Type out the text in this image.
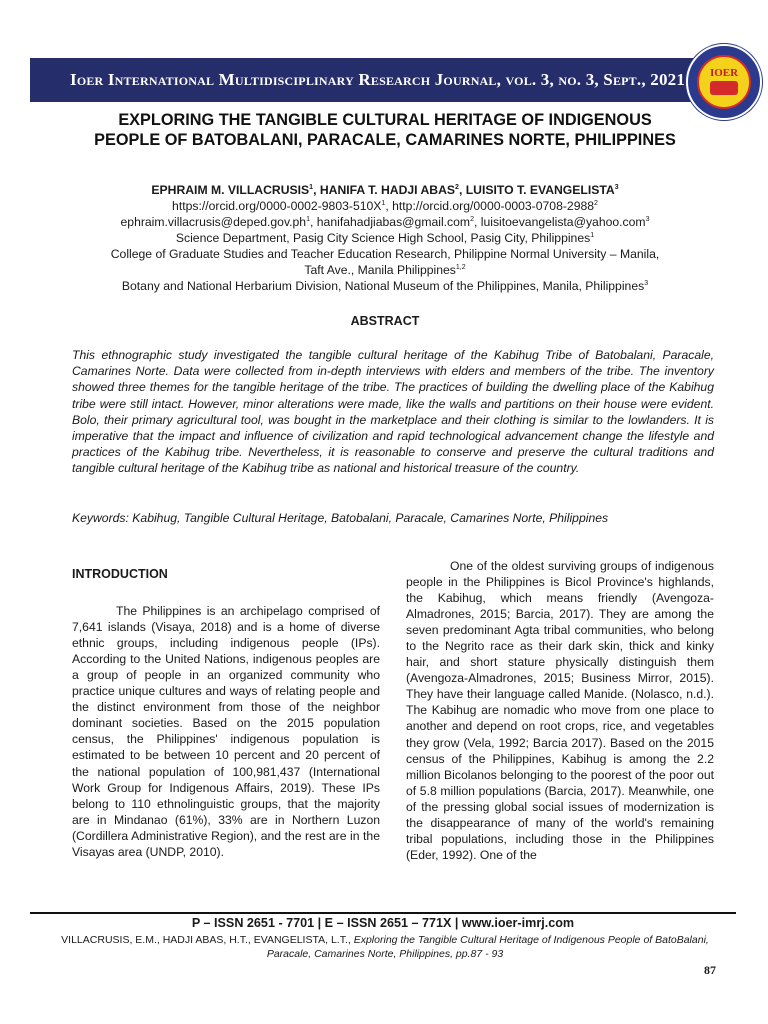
Ioer International Multidisciplinary Research Journal, vol. 3, no. 3, Sept., 2021	IOER
EXPLORING THE TANGIBLE CULTURAL HERITAGE OF INDIGENOUS
PEOPLE OF BATOBALANI, PARACALE, CAMARINES NORTE, PHILIPPINES
EPHRAIM M. VILLACRUSIS$^1$, HANIFA T. HADJI ABAS$^2$, LUISITO T. EVANGELISTA$^3$
$https://orcid.org/0000-0002-9803-510X^1$, http://orcid.org/0000-0003-0708-2988$^2$
$ephraim.villacrusis@deped.gov.ph^1$, hanifahadjiabas@gmail.com$^2$, luisitoevangelista@yahoo.com$^3$
Science Department, Pasig City Science High School, Pasig City, Philippines$^1$
College of Graduate Studies and Teacher Education Research, Philippine Normal University – Manila,
Taft Ave., Manila Philippines$^{1,2}$
Botany and National Herbarium Division, National Museum of the Philippines, Manila, Philippines$^3$
ABSTRACT

This ethnographic study investigated the tangible cultural heritage of the Kabihug Tribe of Batobalani, Paracale, Camarines Norte. Data were collected from in-depth interviews with elders and members of the tribe. The inventory showed three themes for the tangible heritage of the tribe. The practices of building the dwelling place of the Kabihug tribe were still intact. However, minor alterations were made, like the walls and partitions on their house were evident. Bolo, their primary agricultural tool, was bought in the marketplace and their clothing is similar to the lowlanders. It is imperative that the impact and influence of civilization and rapid technological advancement change the lifestyle and practices of the Kabihug tribe. Nevertheless, it is reasonable to conserve and preserve the cultural traditions and tangible cultural heritage of the Kabihug tribe as national and historical treasure of the country.

Keywords: Kabihug, Tangible Cultural Heritage, Batobalani, Paracale, Camarines Norte, Philippines
INTRODUCTION

The Philippines is an archipelago comprised of 7,641 islands (Visaya, 2018) and is a home of diverse ethnic groups, including indigenous people (IPs). According to the United Nations, indigenous peoples are a group of people in an organized community who practice unique cultures and ways of relating people and the distinct environment from those of the neighbor dominant societies. Based on the 2015 population census, the Philippines' indigenous population is estimated to be between 10 percent and 20 percent of the national population of 100,981,437 (International Work Group for Indigenous Affairs, 2019). These IPs belong to 110 ethnolinguistic groups, that the majority are in Mindanao (61%), 33% are in Northern Luzon (Cordillera Administrative Region), and the rest are in the Visayas area (UNDP, 2010).

One of the oldest surviving groups of indigenous people in the Philippines is Bicol Province's highlands, the Kabihug, which means friendly (Avengoza-Almadrones, 2015; Barcia, 2017). They are among the seven predominant Agta tribal communities, who belong to the Negrito race as their dark skin, thick and kinky hair, and short stature physically distinguish them (Avengoza-Almadrones, 2015; Business Mirror, 2015). They have their language called Manide. (Nolasco, n.d.). The Kabihug are nomadic who move from one place to another and depend on root crops, rice, and vegetables they grow (Vela, 1992; Barcia 2017). Based on the 2015 census of the Philippines, Kabihug is among the 2.2 million Bicolanos belonging to the poorest of the poor out of 5.8 million populations (Barcia, 2017). Meanwhile, one of the pressing global social issues of modernization is the disappearance of many of the world's remaining tribal populations, including those in the Philippines (Eder, 1992). One of the

P – ISSN 2651 - 7701 | E – ISSN 2651 – 771X | www.ioer-imrj.com
VILLACRUSIS, E.M., HADJI ABAS, H.T., EVANGELISTA, L.T., Exploring the Tangible Cultural Heritage of Indigenous People of BatoBalani, Paracale, Camarines Norte, Philippines, pp.87 - 93
87
